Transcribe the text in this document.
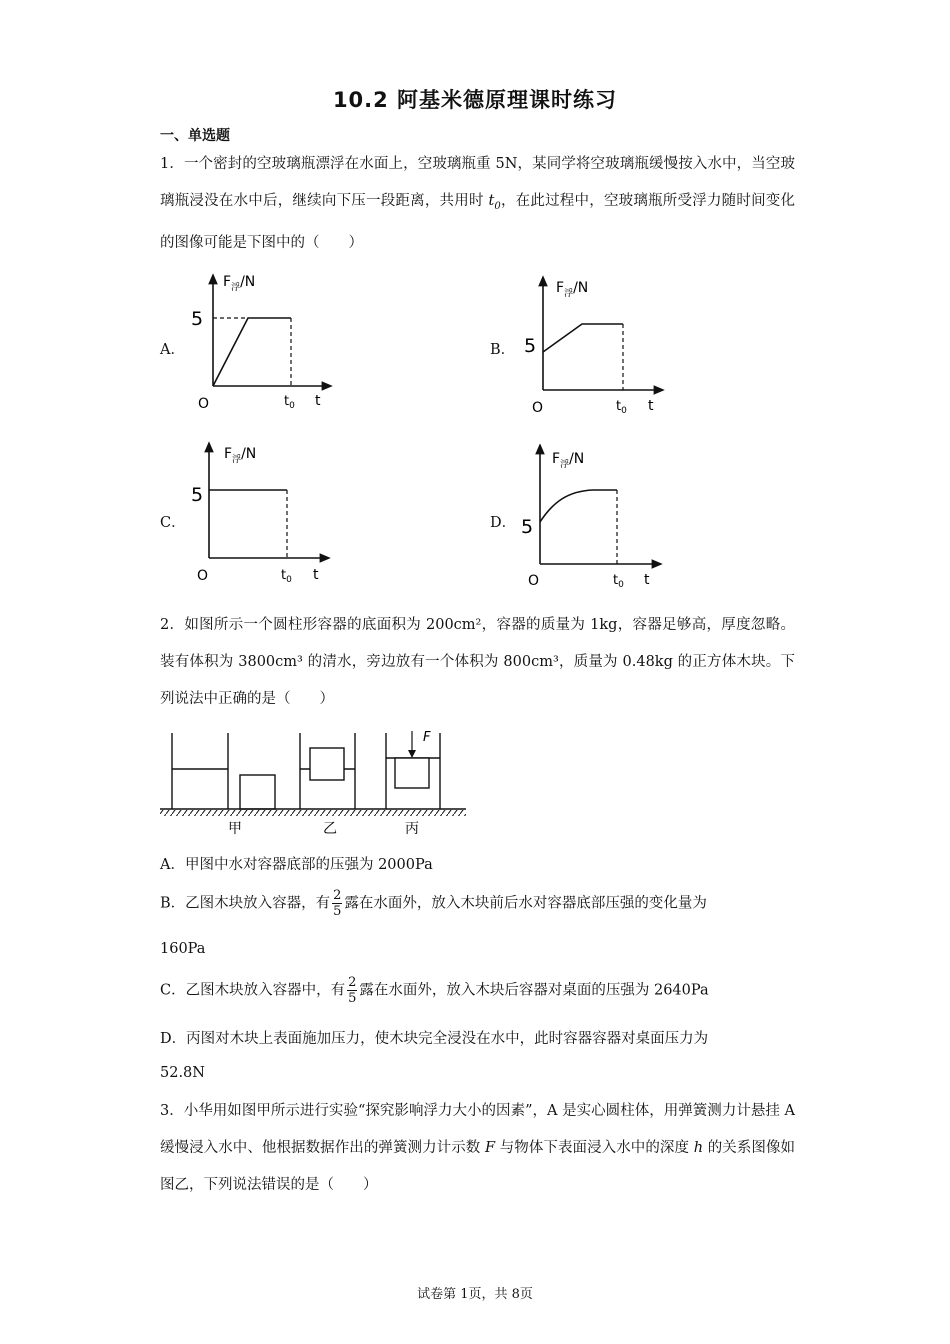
10.2 阿基米德原理课时练习
一、单选题
1．一个密封的空玻璃瓶漂浮在水面上，空玻璃瓶重 5N，某同学将空玻璃瓶缓慢按入水中，当空玻璃瓶浸没在水中后，继续向下压一段距离，共用时 $t_0$，在此过程中，空玻璃瓶所受浮力随时间变化的图像可能是下图中的（　　）
A．	B．
C．	D．
$F_浮/N$
5
O	$t_0$ t
$F_浮/N$
5
O	$t_0$ t
$F_浮/N$
5
O	$t_0$ t
$F_浮/N$
5
O	$t_0$ t
2．如图所示一个圆柱形容器的底面积为 200cm²，容器的质量为 1kg，容器足够高，厚度忽略。装有体积为 3800cm³ 的清水，旁边放有一个体积为 800cm³，质量为 0.48kg 的正方体木块。下列说法中正确的是（　　）
F
甲	乙	丙
A．甲图中水对容器底部的压强为 2000Pa
B．乙图木块放入容器，有 $\frac{2}{5}$ 露在水面外，放入木块前后水对容器底部压强的变化量为
160Pa
C．乙图木块放入容器中，有 $\frac{2}{5}$ 露在水面外，放入木块后容器对桌面的压强为 2640Pa
D．丙图对木块上表面施加压力，使木块完全浸没在水中，此时容器容器对桌面压力为
52.8N
3．小华用如图甲所示进行实验“探究影响浮力大小的因素”，A 是实心圆柱体，用弹簧测力计悬挂 A 缓慢浸入水中、他根据数据作出的弹簧测力计示数 F 与物体下表面浸入水中的深度 h 的关系图像如图乙，下列说法错误的是（　　）
试卷第 1页，共 8页
